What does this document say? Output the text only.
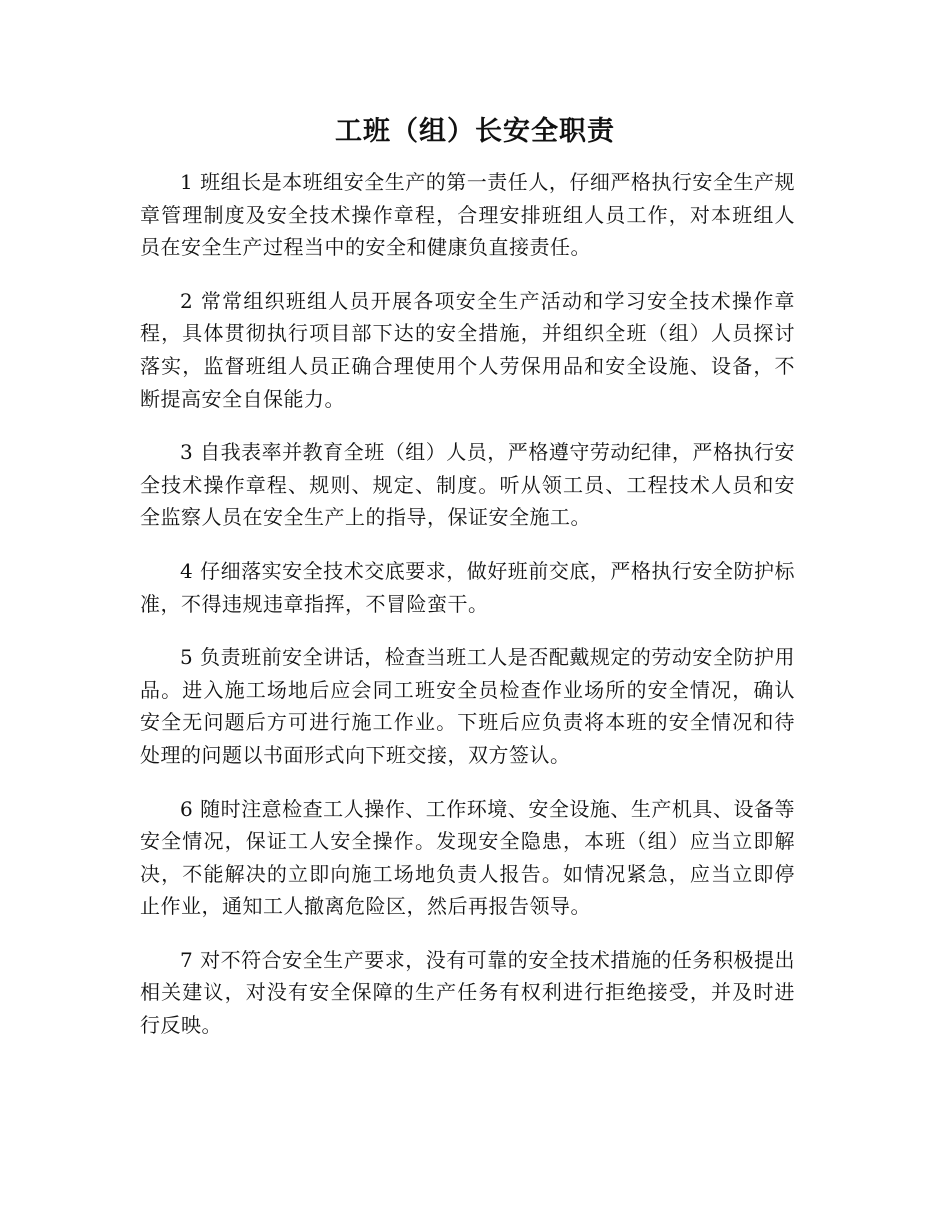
工班（组）长安全职责

1 班组长是本班组安全生产的第一责任人，仔细严格执行安全生产规章管理制度及安全技术操作章程，合理安排班组人员工作，对本班组人员在安全生产过程当中的安全和健康负直接责任。

2 常常组织班组人员开展各项安全生产活动和学习安全技术操作章程，具体贯彻执行项目部下达的安全措施，并组织全班（组）人员探讨落实，监督班组人员正确合理使用个人劳保用品和安全设施、设备，不断提高安全自保能力。

3 自我表率并教育全班（组）人员，严格遵守劳动纪律，严格执行安全技术操作章程、规则、规定、制度。听从领工员、工程技术人员和安全监察人员在安全生产上的指导，保证安全施工。

4 仔细落实安全技术交底要求，做好班前交底，严格执行安全防护标准，不得违规违章指挥，不冒险蛮干。

5 负责班前安全讲话，检查当班工人是否配戴规定的劳动安全防护用品。进入施工场地后应会同工班安全员检查作业场所的安全情况，确认安全无问题后方可进行施工作业。下班后应负责将本班的安全情况和待处理的问题以书面形式向下班交接，双方签认。

6 随时注意检查工人操作、工作环境、安全设施、生产机具、设备等安全情况，保证工人安全操作。发现安全隐患，本班（组）应当立即解决，不能解决的立即向施工场地负责人报告。如情况紧急，应当立即停止作业，通知工人撤离危险区，然后再报告领导。

7 对不符合安全生产要求，没有可靠的安全技术措施的任务积极提出相关建议，对没有安全保障的生产任务有权利进行拒绝接受，并及时进行反映。
